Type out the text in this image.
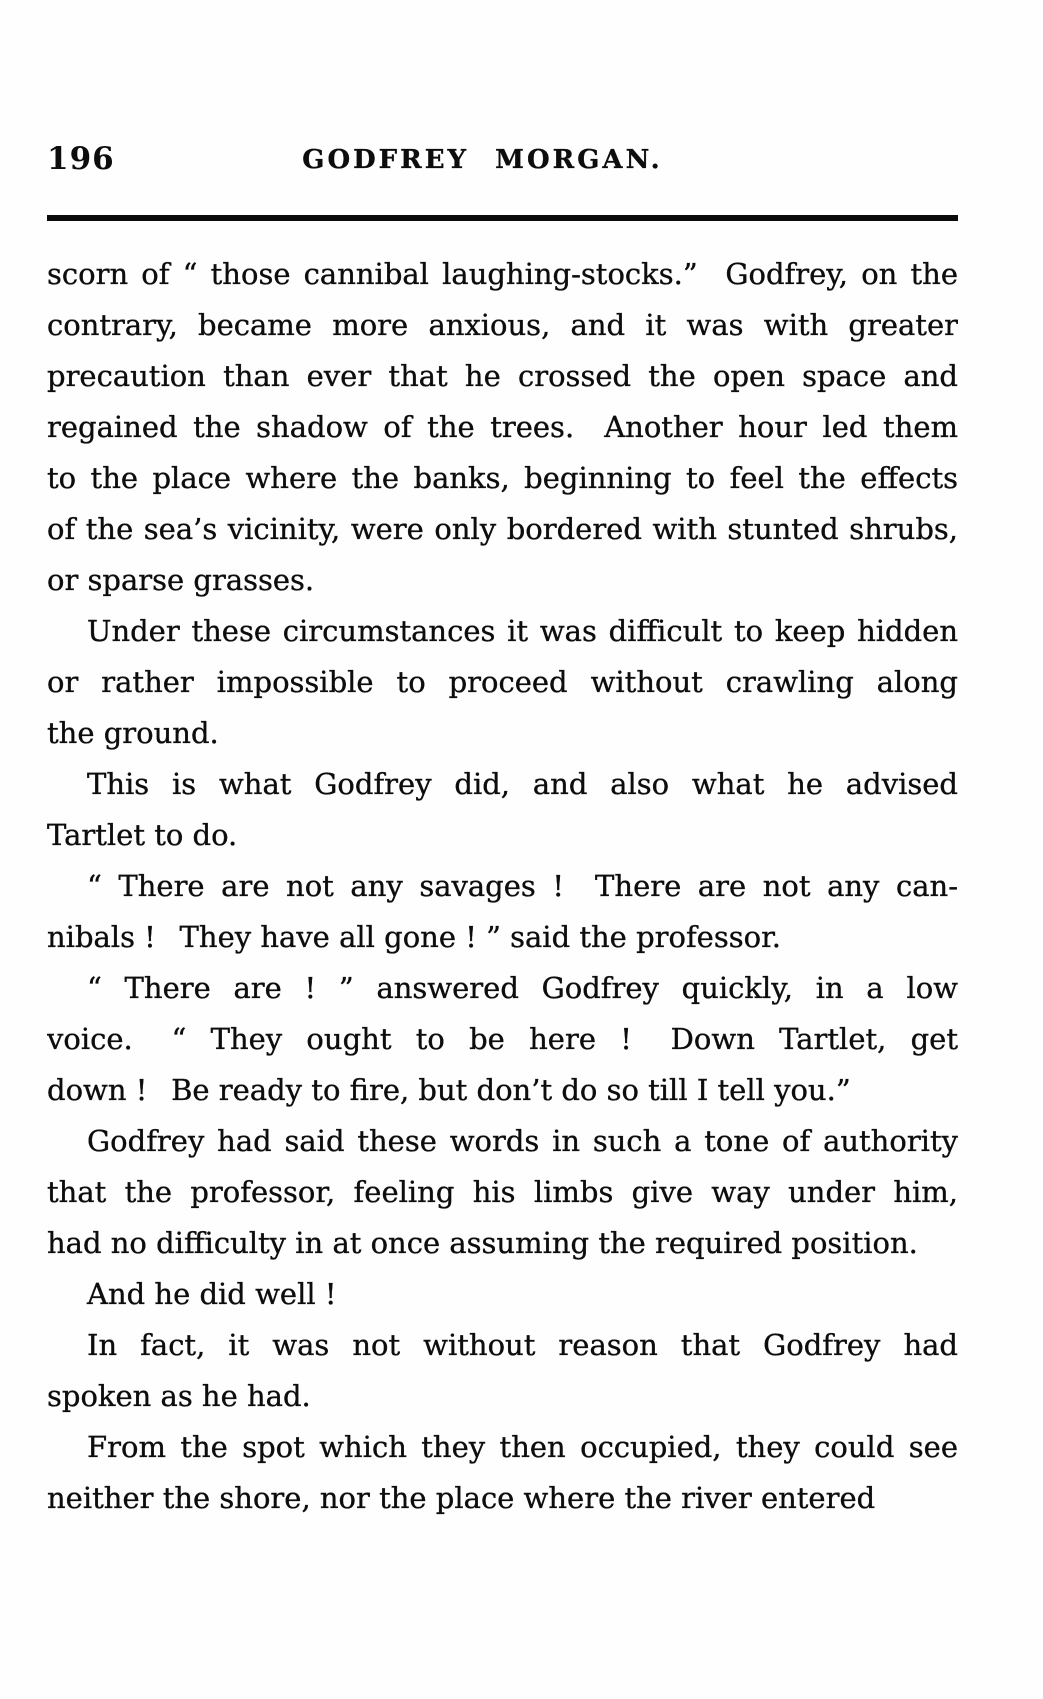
196	GODFREY MORGAN.
scorn of “ those cannibal laughing-stocks.”  Godfrey, on the
contrary, became more anxious, and it was with greater
precaution than ever that he crossed the open space and
regained the shadow of the trees.  Another hour led them
to the place where the banks, beginning to feel the effects
of the sea’s vicinity, were only bordered with stunted shrubs,
or sparse grasses.
Under these circumstances it was difficult to keep hidden
or rather impossible to proceed without crawling along
the ground.
This is what Godfrey did, and also what he advised
Tartlet to do.
“ There are not any savages !  There are not any can-
nibals !  They have all gone ! ” said the professor.
“ There are ! ” answered Godfrey quickly, in a low
voice.  “ They ought to be here !  Down Tartlet, get
down !  Be ready to fire, but don’t do so till I tell you.”
Godfrey had said these words in such a tone of authority
that the professor, feeling his limbs give way under him,
had no difficulty in at once assuming the required position.
And he did well !
In fact, it was not without reason that Godfrey had
spoken as he had.
From the spot which they then occupied, they could see
neither the shore, nor the place where the river entered
